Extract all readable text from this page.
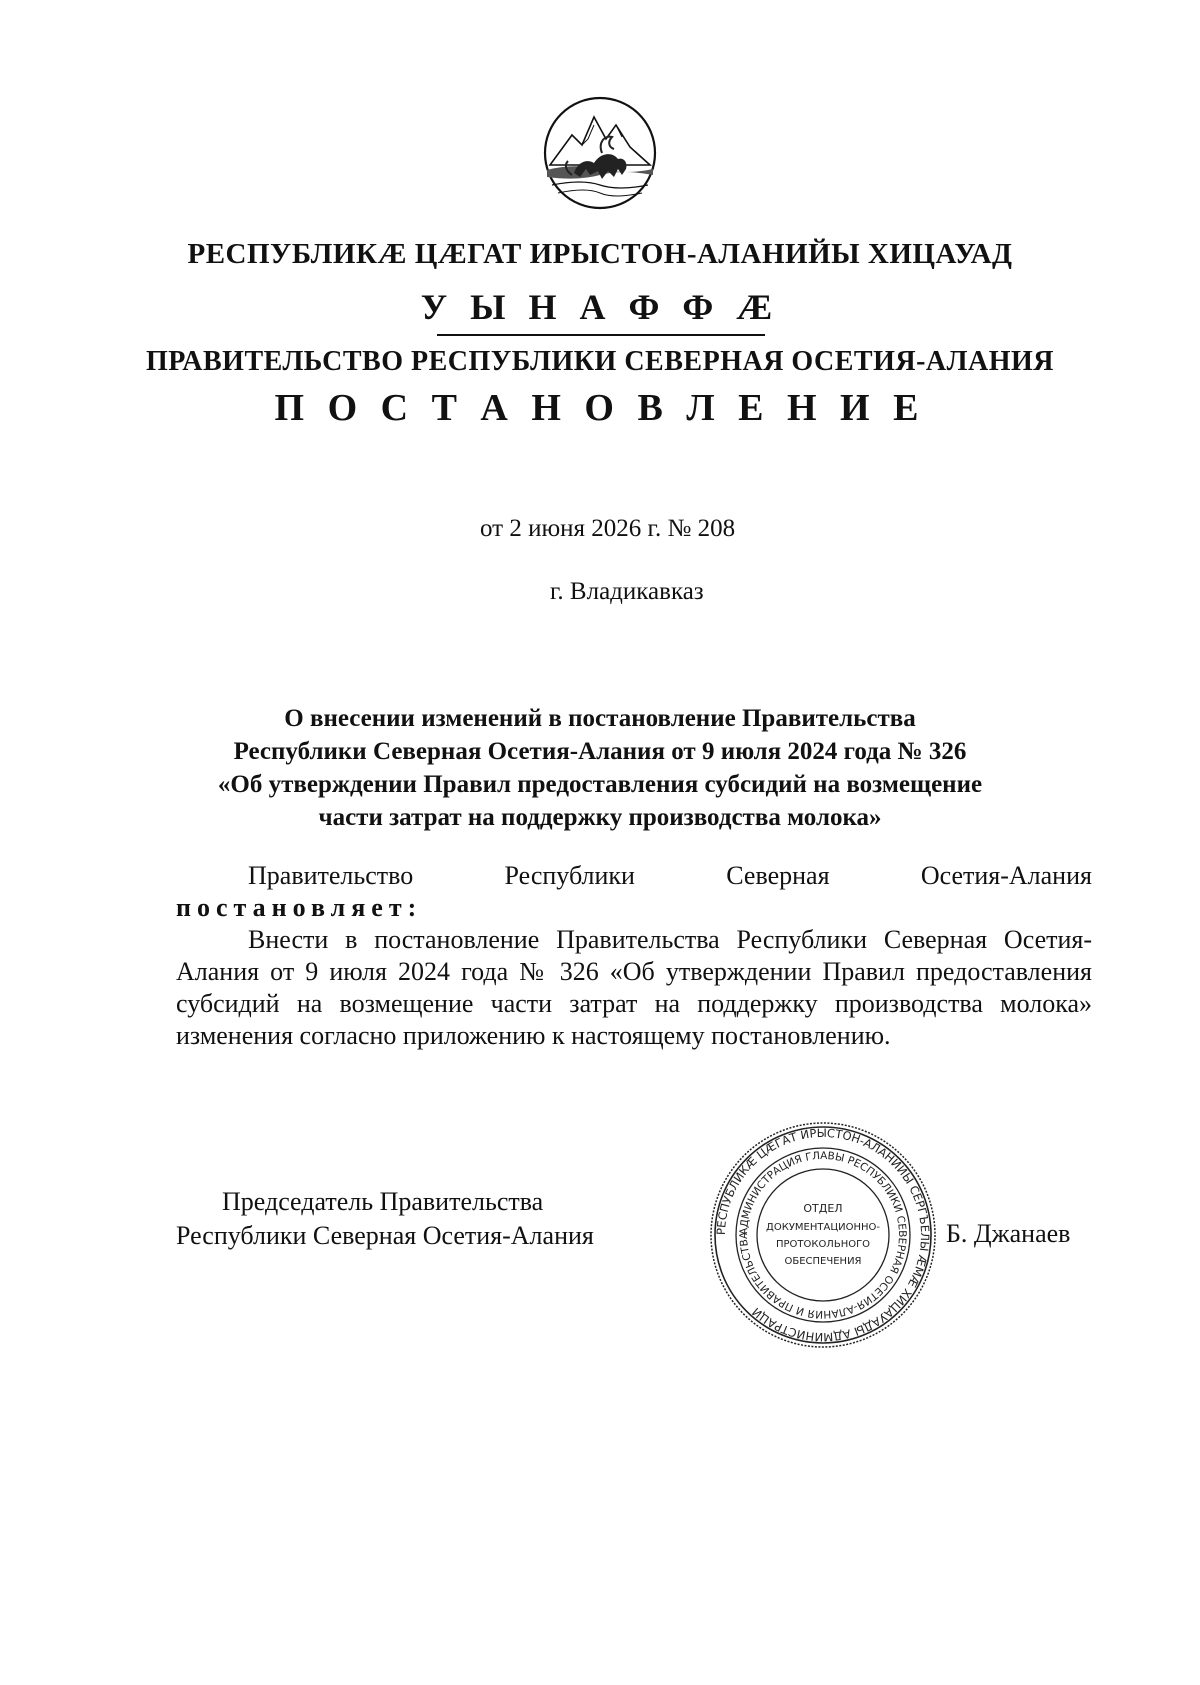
РЕСПУБЛИКӔ ЦӔГАТ ИРЫСТОН-АЛАНИЙЫ ХИЦАУАД
У Ы Н А Ф Ф Ӕ
ПРАВИТЕЛЬСТВО РЕСПУБЛИКИ СЕВЕРНАЯ ОСЕТИЯ-АЛАНИЯ
П О С Т А Н О В Л Е Н И Е
от 2 июня 2026 г. № 208
г. Владикавказ
О внесении изменений в постановление Правительства
Республики Северная Осетия-Алания от 9 июля 2024 года № 326
«Об утверждении Правил предоставления субсидий на возмещение
части затрат на поддержку производства молока»
Правительство	Республики	Северная	Осетия-Алания
постановляет:
Внести в постановление Правительства Республики Северная Осетия-Алания от 9 июля 2024 года № 326 «Об утверждении Правил предоставления субсидий на возмещение части затрат на поддержку производства молока» изменения согласно приложению к настоящему постановлению.
Председатель Правительства
Республики Северная Осетия-Алания	РЕСПУБЛИКӔ ЦӔГАТ ИРЫСТОН-АЛАНИЙЫ СЕРГЪЕЛЫ ӔМӔ ХИЦАУАДЫ АДМИНИСТРАЦИ
АДМИНИСТРАЦИЯ ГЛАВЫ РЕСПУБЛИКИ СЕВЕРНАЯ ОСЕТИЯ-АЛАНИЯ И ПРАВИТЕЛЬСТВА
ОТДЕЛ
ДОКУМЕНТАЦИОННО-
ПРОТОКОЛЬНОГО
ОБЕСПЕЧЕНИЯ
Б. Джанаев
